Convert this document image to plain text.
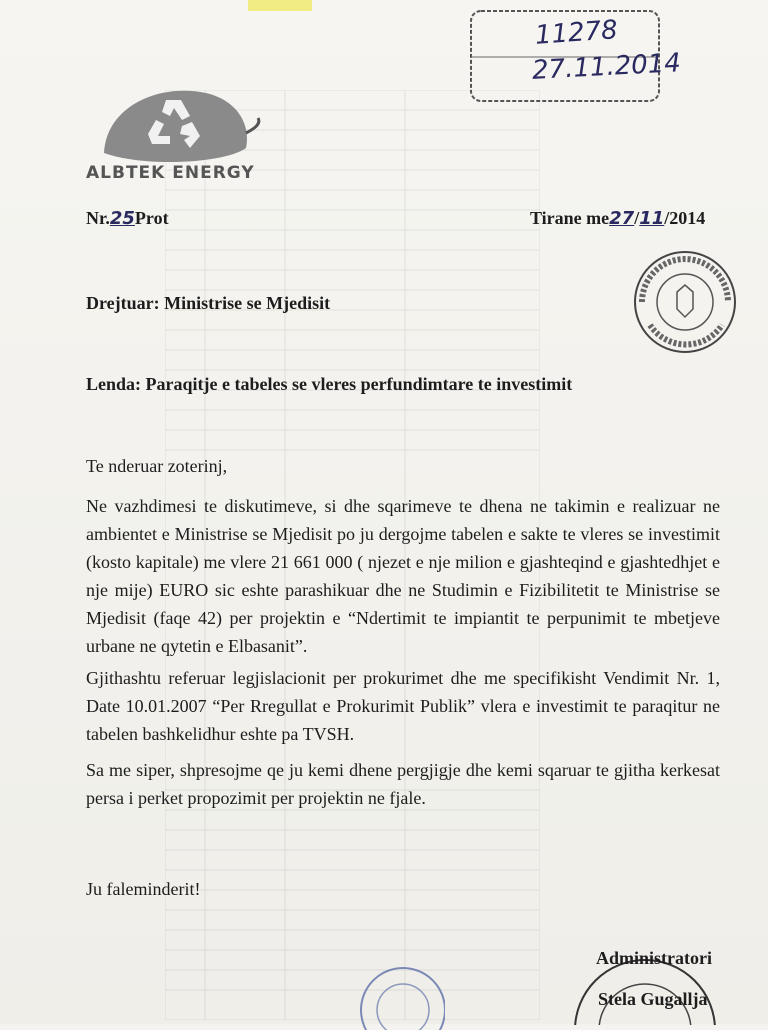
ALBTEK ENERGY
11278
27.11.2014
Nr.25Prot	Tirane me27/11/2014
Drejtuar: Ministrise se Mjedisit
Lenda: Paraqitje e tabeles se vleres perfundimtare te investimit
Te nderuar zoterinj,
Ne vazhdimesi te diskutimeve, si dhe sqarimeve te dhena ne takimin e realizuar ne ambientet e Ministrise se Mjedisit po ju dergojme tabelen e sakte te vleres se investimit (kosto kapitale) me vlere 21 661 000 ( njezet e nje milion e gjashteqind e gjashtedhjet e nje mije) EURO sic eshte parashikuar dhe ne Studimin e Fizibilitetit te Ministrise se Mjedisit (faqe 42) per projektin e “Ndertimit te impiantit te perpunimit te mbetjeve urbane ne qytetin e Elbasanit”.
Gjithashtu referuar legjislacionit per prokurimet dhe me specifikisht Vendimit Nr. 1, Date 10.01.2007 “Per Rregullat e Prokurimit Publik” vlera e investimit te paraqitur ne tabelen bashkelidhur eshte pa TVSH.
Sa me siper, shpresojme qe ju kemi dhene pergjigje dhe kemi sqaruar te gjitha kerkesat persa i perket propozimit per projektin ne fjale.
Ju faleminderit!
Administratori
Stela Gugallja
